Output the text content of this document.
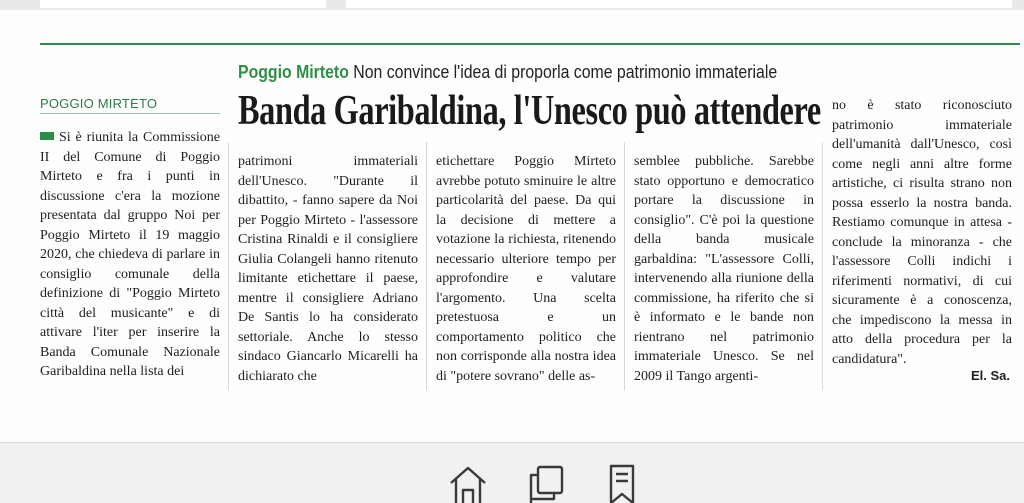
Poggio Mirteto Non convince l'idea di proporla come patrimonio immateriale
Banda Garibaldina, l'Unesco può attendere
POGGIO MIRTETO
Si è riunita la Commissione II del Comune di Poggio Mirteto e fra i punti in discussione c'era la mozione presentata dal gruppo Noi per Poggio Mirteto il 19 maggio 2020, che chiedeva di parlare in consiglio comunale della definizione di "Poggio Mirteto città del musicante" e di attivare l'iter per inserire la Banda Comunale Nazionale Garibaldina nella lista dei
patrimoni immateriali dell'Unesco. "Durante il dibattito, - fanno sapere da Noi per Poggio Mirteto - l'assessore Cristina Rinaldi e il consigliere Giulia Colangeli hanno ritenuto limitante etichettare il paese, mentre il consigliere Adriano De Santis lo ha considerato settoriale. Anche lo stesso sindaco Giancarlo Micarelli ha dichiarato che
etichettare Poggio Mirteto avrebbe potuto sminuire le altre particolarità del paese. Da qui la decisione di mettere a votazione la richiesta, ritenendo necessario ulteriore tempo per approfondire e valutare l'argomento. Una scelta pretestuosa e un comportamento politico che non corrisponde alla nostra idea di "potere sovrano" delle as-
semblee pubbliche. Sarebbe stato opportuno e democratico portare la discussione in consiglio". C'è poi la questione della banda musicale garbaldina: "L'assessore Colli, intervenendo alla riunione della commissione, ha riferito che si è informato e le bande non rientrano nel patrimonio immateriale Unesco. Se nel 2009 il Tango argenti-
no è stato riconosciuto patrimonio immateriale dell'umanità dall'Unesco, così come negli anni altre forme artistiche, ci risulta strano non possa esserlo la nostra banda. Restiamo comunque in attesa - conclude la minoranza - che l'assessore Colli indichi i riferimenti normativi, di cui sicuramente è a conoscenza, che impediscono la messa in atto della procedura per la candidatura".
El. Sa.
